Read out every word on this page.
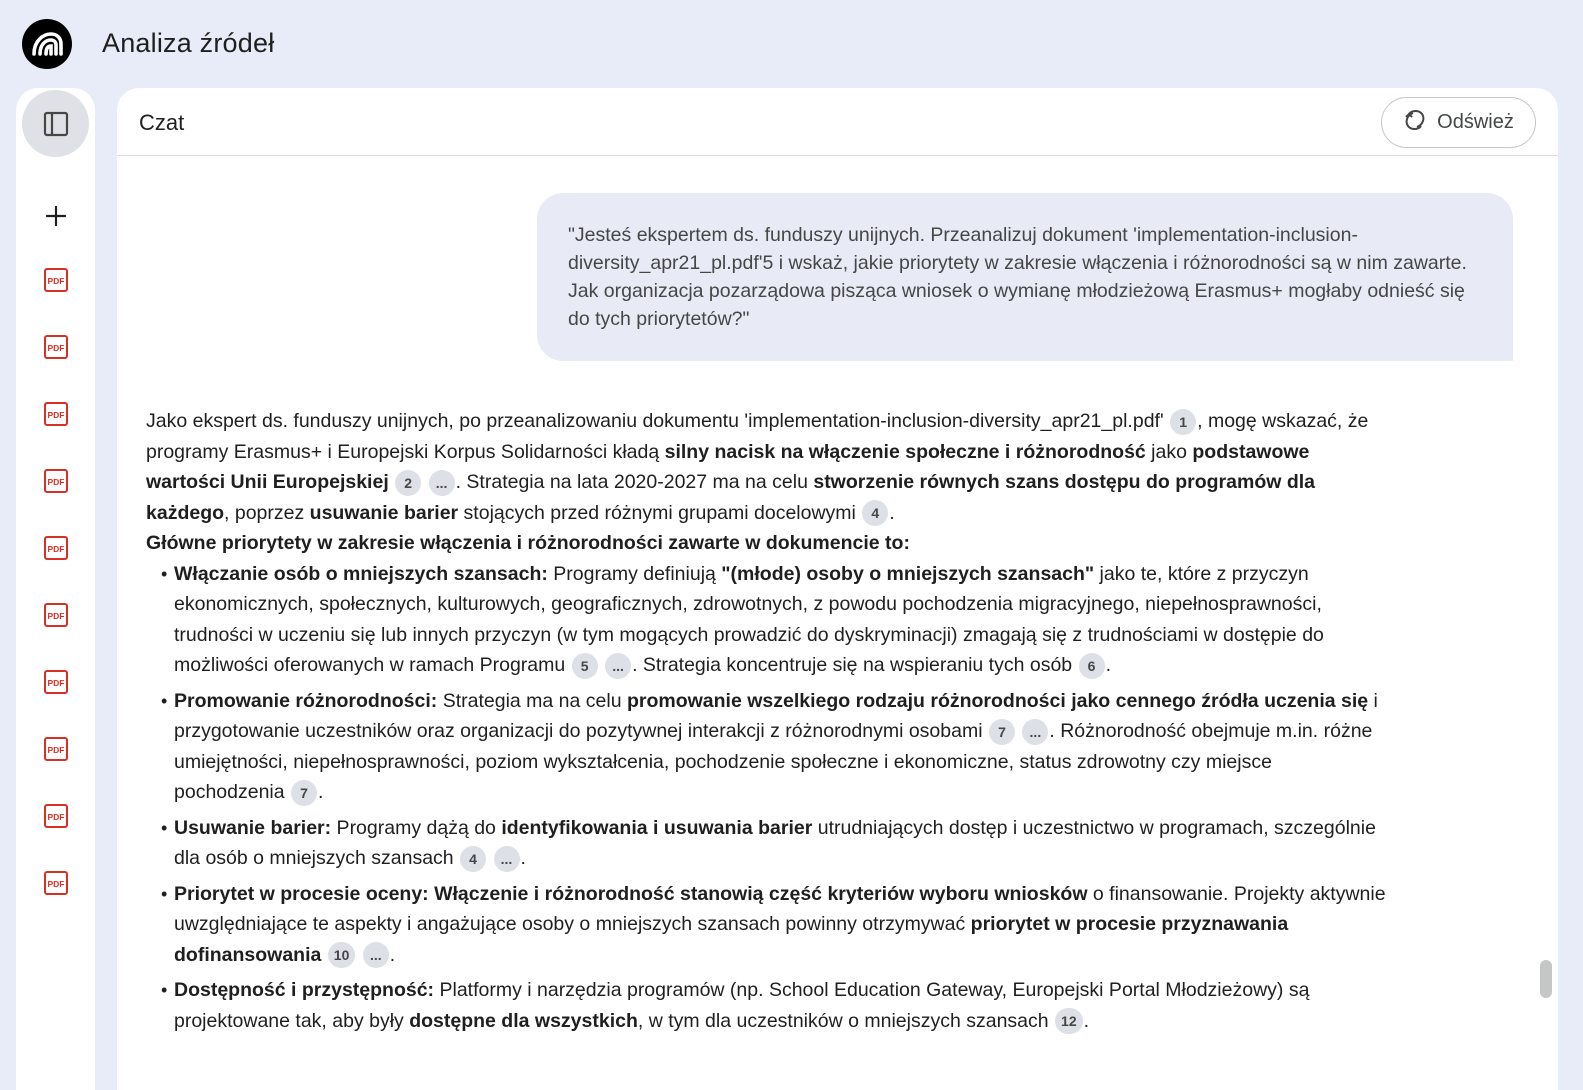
Analiza źródeł
PDF
PDF
PDF
PDF
PDF
PDF
PDF
PDF
PDF
PDF
Czat	Odśwież
"Jesteś ekspertem ds. funduszy unijnych. Przeanalizuj dokument 'implementation-inclusion-diversity_apr21_pl.pdf'5 i wskaż, jakie priorytety w zakresie włączenia i różnorodności są w nim zawarte. Jak organizacja pozarządowa pisząca wniosek o wymianę młodzieżową Erasmus+ mogłaby odnieść się do tych priorytetów?"

Jako ekspert ds. funduszy unijnych, po przeanalizowaniu dokumentu 'implementation-inclusion-diversity_apr21_pl.pdf' 1 , mogę wskazać, że programy Erasmus+ i Europejski Korpus Solidarności kładą silny nacisk na włączenie społeczne i różnorodność jako podstawowe wartości Unii Europejskiej 2 ... . Strategia na lata 2020-2027 ma na celu stworzenie równych szans dostępu do programów dla każdego, poprzez usuwanie barier stojących przed różnymi grupami docelowymi 4 .

Główne priorytety w zakresie włączenia i różnorodności zawarte w dokumencie to:

• Włączanie osób o mniejszych szansach: Programy definiują "(młode) osoby o mniejszych szansach" jako te, które z przyczyn ekonomicznych, społecznych, kulturowych, geograficznych, zdrowotnych, z powodu pochodzenia migracyjnego, niepełnosprawności, trudności w uczeniu się lub innych przyczyn (w tym mogących prowadzić do dyskryminacji) zmagają się z trudnościami w dostępie do możliwości oferowanych w ramach Programu 5 ... . Strategia koncentruje się na wspieraniu tych osób 6 .
• Promowanie różnorodności: Strategia ma na celu promowanie wszelkiego rodzaju różnorodności jako cennego źródła uczenia się i przygotowanie uczestników oraz organizacji do pozytywnej interakcji z różnorodnymi osobami 7 ... . Różnorodność obejmuje m.in. różne umiejętności, niepełnosprawności, poziom wykształcenia, pochodzenie społeczne i ekonomiczne, status zdrowotny czy miejsce pochodzenia 7 .
• Usuwanie barier: Programy dążą do identyfikowania i usuwania barier utrudniających dostęp i uczestnictwo w programach, szczególnie dla osób o mniejszych szansach 4 ... .
• Priorytet w procesie oceny: Włączenie i różnorodność stanowią część kryteriów wyboru wniosków o finansowanie. Projekty aktywnie uwzględniające te aspekty i angażujące osoby o mniejszych szansach powinny otrzymywać priorytet w procesie przyznawania dofinansowania 10 ... .
• Dostępność i przystępność: Platformy i narzędzia programów (np. School Education Gateway, Europejski Portal Młodzieżowy) są projektowane tak, aby były dostępne dla wszystkich, w tym dla uczestników o mniejszych szansach 12 .
